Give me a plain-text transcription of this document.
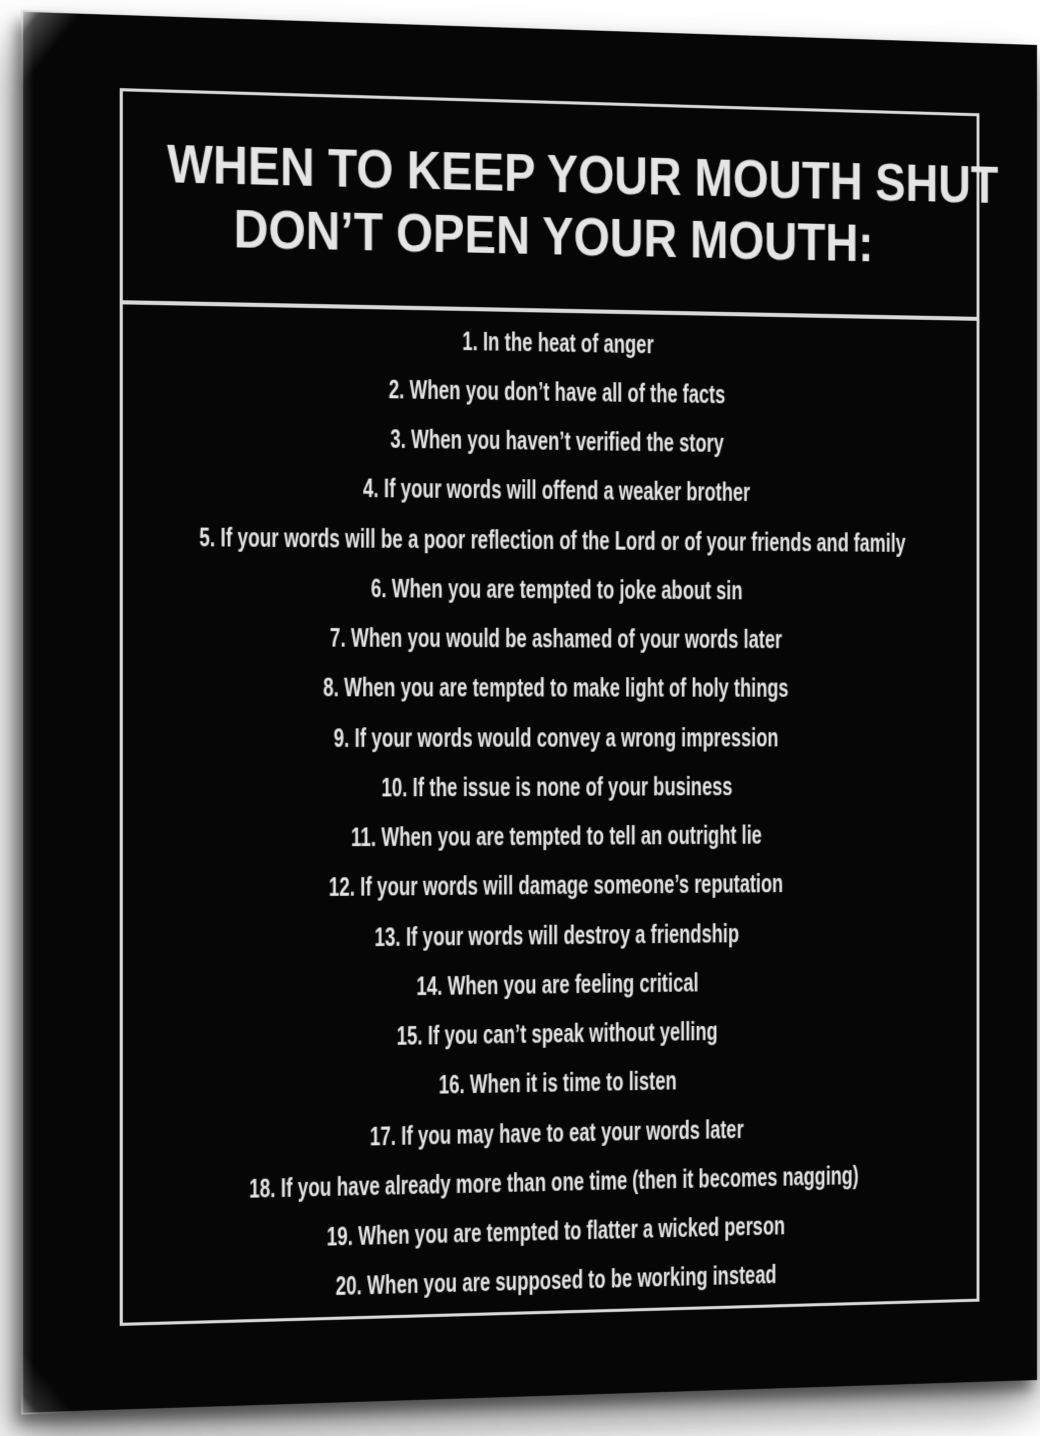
WHEN TO KEEP YOUR MOUTH SHUT
DON’T OPEN YOUR MOUTH:
1. In the heat of anger
2. When you don’t have all of the facts
3. When you haven’t verified the story
4. If your words will offend a weaker brother
5. If your words will be a poor reflection of the Lord or of your friends and family
6. When you are tempted to joke about sin
7. When you would be ashamed of your words later
8. When you are tempted to make light of holy things
9. If your words would convey a wrong impression
10. If the issue is none of your business
11. When you are tempted to tell an outright lie
12. If your words will damage someone’s reputation
13. If your words will destroy a friendship
14. When you are feeling critical
15. If you can’t speak without yelling
16. When it is time to listen
17. If you may have to eat your words later
18. If you have already more than one time (then it becomes nagging)
19. When you are tempted to flatter a wicked person
20. When you are supposed to be working instead
